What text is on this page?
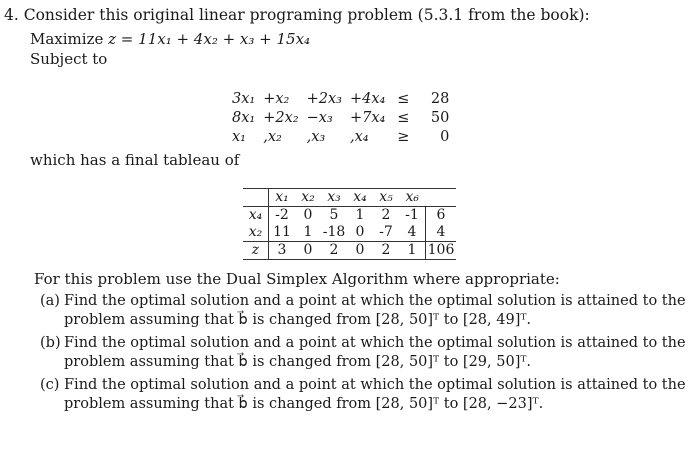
4. Consider this original linear programing problem (5.3.1 from the book):
Maximize z = 11x₁ + 4x₂ + x₃ + 15x₄
Subject to
3x₁	+x₂	+2x₃	+4x₄	≤	28
8x₁	+2x₂	−x₃	+7x₄	≤	50
x₁	,x₂	,x₃	,x₄	≥	0
which has a final tableau of
	x₁	x₂	x₃	x₄	x₅	x₆	
x₄	-2	0	5	1	2	-1	6
x₂	11	1	-18	0	-7	4	4
z	3	0	2	0	2	1	106
For this problem use the Dual Simplex Algorithm where appropriate:
(a) Find the optimal solution and a point at which the optimal solution is attained to the
problem assuming that b⃗ is changed from [28, 50]ᵀ to [28, 49]ᵀ.
(b) Find the optimal solution and a point at which the optimal solution is attained to the
problem assuming that b⃗ is changed from [28, 50]ᵀ to [29, 50]ᵀ.
(c) Find the optimal solution and a point at which the optimal solution is attained to the
problem assuming that b⃗ is changed from [28, 50]ᵀ to [28, −23]ᵀ.
